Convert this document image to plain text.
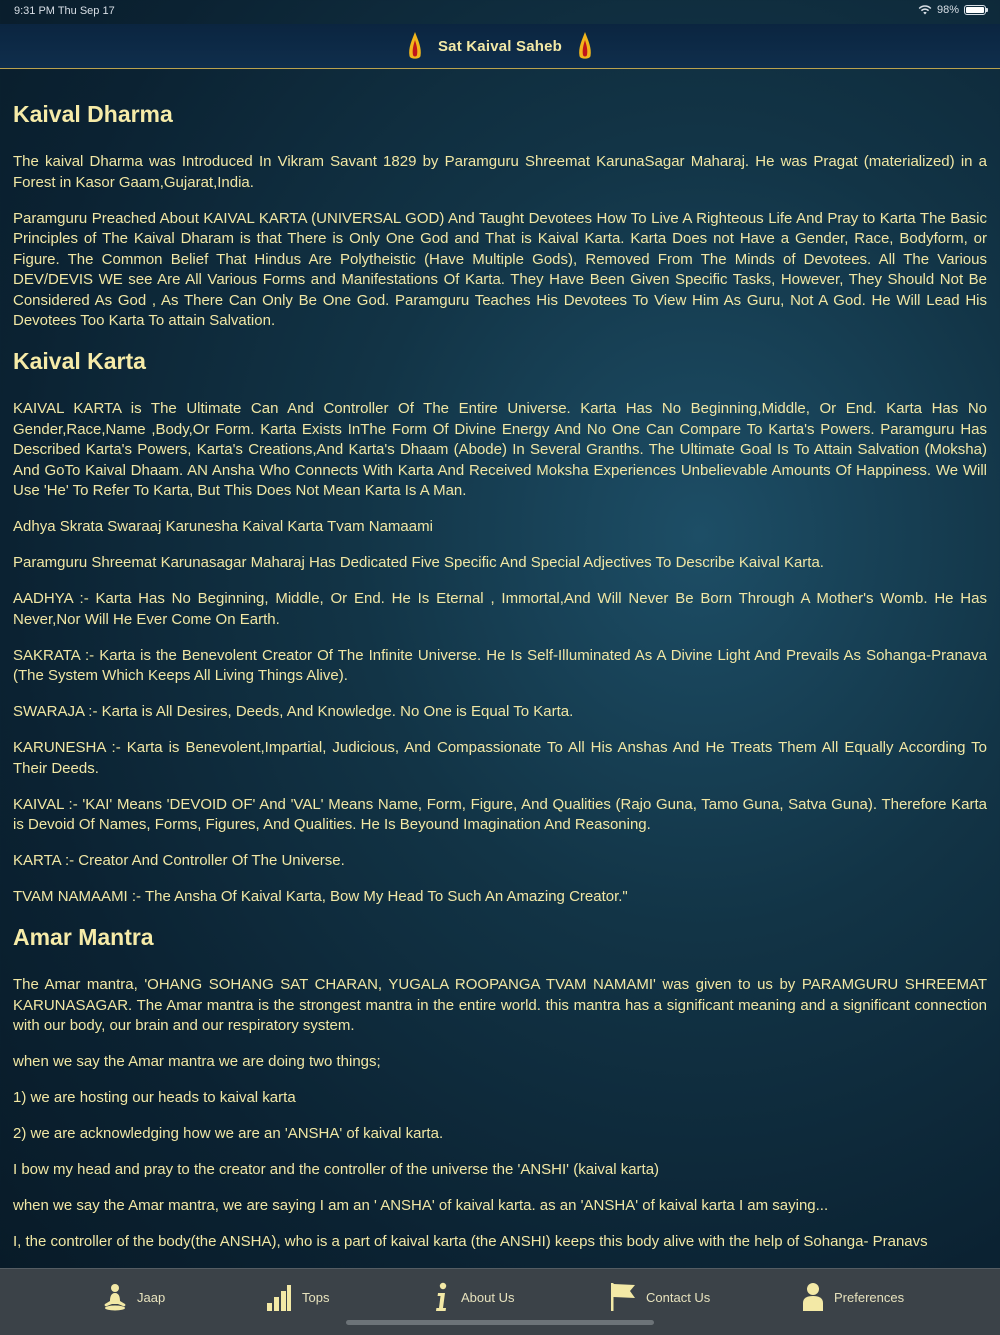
9:31 PM Thu Sep 17	98%
Sat Kaival Saheb
Kaival Dharma

The kaival Dharma was Introduced In Vikram Savant 1829 by Paramguru Shreemat KarunaSagar Maharaj. He was Pragat (materialized) in a Forest in Kasor Gaam,Gujarat,India.

Paramguru Preached About KAIVAL KARTA (UNIVERSAL GOD) And Taught Devotees How To Live A Righteous Life And Pray to Karta The Basic Principles of The Kaival Dharam is that There is Only One God and That is Kaival Karta. Karta Does not Have a Gender, Race, Bodyform, or Figure. The Common Belief That Hindus Are Polytheistic (Have Multiple Gods), Removed From The Minds of Devotees. All The Various DEV/DEVIS WE see Are All Various Forms and Manifestations Of Karta. They Have Been Given Specific Tasks, However, They Should Not Be Considered As God , As There Can Only Be One God. Paramguru Teaches His Devotees To View Him As Guru, Not A God. He Will Lead His Devotees Too Karta To attain Salvation.

Kaival Karta

KAIVAL KARTA is The Ultimate Can And Controller Of The Entire Universe. Karta Has No Beginning,Middle, Or End. Karta Has No Gender,Race,Name ,Body,Or Form. Karta Exists InThe Form Of Divine Energy And No One Can Compare To Karta's Powers. Paramguru Has Described Karta's Powers, Karta's Creations,And Karta's Dhaam (Abode) In Several Granths. The Ultimate Goal Is To Attain Salvation (Moksha) And GoTo Kaival Dhaam. AN Ansha Who Connects With Karta And Received Moksha Experiences Unbelievable Amounts Of Happiness. We Will Use 'He' To Refer To Karta, But This Does Not Mean Karta Is A Man.

Adhya Skrata Swaraaj Karunesha Kaival Karta Tvam Namaami

Paramguru Shreemat Karunasagar Maharaj Has Dedicated Five Specific And Special Adjectives To Describe Kaival Karta.

AADHYA :- Karta Has No Beginning, Middle, Or End. He Is Eternal , Immortal,And Will Never Be Born Through A Mother's Womb. He Has Never,Nor Will He Ever Come On Earth.

SAKRATA :- Karta is the Benevolent Creator Of The Infinite Universe. He Is Self-Illuminated As A Divine Light And Prevails As Sohanga-Pranava (The System Which Keeps All Living Things Alive).

SWARAJA :- Karta is All Desires, Deeds, And Knowledge. No One is Equal To Karta.

KARUNESHA :- Karta is Benevolent,Impartial, Judicious, And Compassionate To All His Anshas And He Treats Them All Equally According To Their Deeds.

KAIVAL :- 'KAI' Means 'DEVOID OF' And 'VAL' Means Name, Form, Figure, And Qualities (Rajo Guna, Tamo Guna, Satva Guna). Therefore Karta is Devoid Of Names, Forms, Figures, And Qualities. He Is Beyound Imagination And Reasoning.

KARTA :- Creator And Controller Of The Universe.

TVAM NAMAAMI :- The Ansha Of Kaival Karta, Bow My Head To Such An Amazing Creator."

Amar Mantra

The Amar mantra, 'OHANG SOHANG SAT CHARAN, YUGALA ROOPANGA TVAM NAMAMI' was given to us by PARAMGURU SHREEMAT KARUNASAGAR. The Amar mantra is the strongest mantra in the entire world. this mantra has a significant meaning and a significant connection with our body, our brain and our respiratory system.

when we say the Amar mantra we are doing two things;

1) we are hosting our heads to kaival karta

2) we are acknowledging how we are an 'ANSHA' of kaival karta.

I bow my head and pray to the creator and the controller of the universe the 'ANSHI' (kaival karta)

when we say the Amar mantra, we are saying I am an ' ANSHA' of kaival karta. as an 'ANSHA' of kaival karta I am saying...

I, the controller of the body(the ANSHA), who is a part of kaival karta (the ANSHI) keeps this body alive with the help of Sohanga- Pranavs

Jaap	Tops	About Us	Contact Us	Preferences
